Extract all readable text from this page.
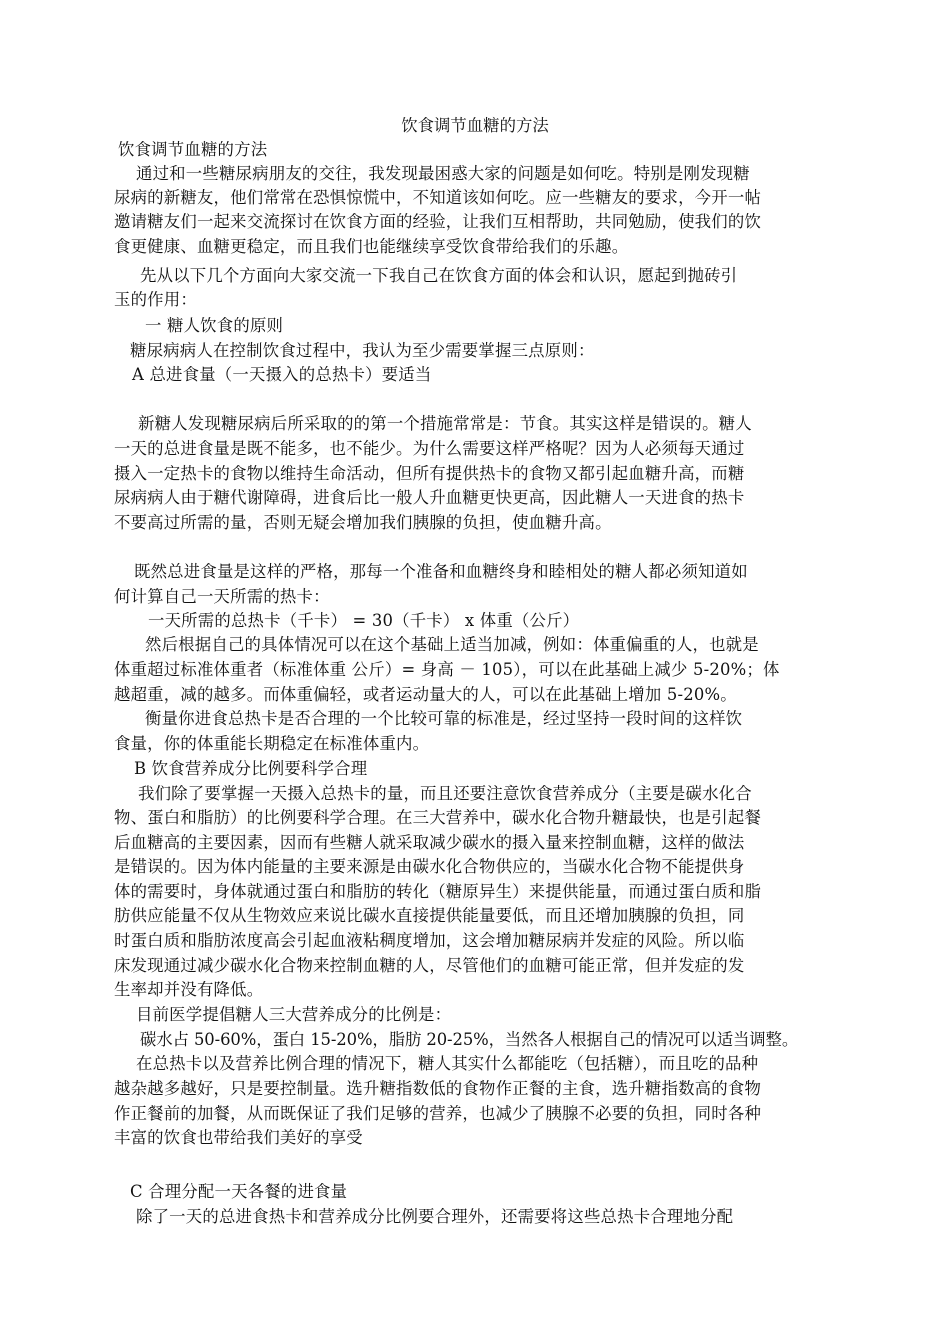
饮食调节血糖的方法
饮食调节血糖的方法
通过和一些糖尿病朋友的交往，我发现最困惑大家的问题是如何吃。特别是刚发现糖
尿病的新糖友，他们常常在恐惧惊慌中，不知道该如何吃。应一些糖友的要求，今开一帖
邀请糖友们一起来交流探讨在饮食方面的经验，让我们互相帮助，共同勉励，使我们的饮
食更健康、血糖更稳定，而且我们也能继续享受饮食带给我们的乐趣。
先从以下几个方面向大家交流一下我自己在饮食方面的体会和认识，愿起到抛砖引
玉的作用：
一 糖人饮食的原则
糖尿病病人在控制饮食过程中，我认为至少需要掌握三点原则：
A 总进食量（一天摄入的总热卡）要适当
新糖人发现糖尿病后所采取的的第一个措施常常是：节食。其实这样是错误的。糖人
一天的总进食量是既不能多，也不能少。为什么需要这样严格呢？因为人必须每天通过
摄入一定热卡的食物以维持生命活动，但所有提供热卡的食物又都引起血糖升高，而糖
尿病病人由于糖代谢障碍，进食后比一般人升血糖更快更高，因此糖人一天进食的热卡
不要高过所需的量，否则无疑会增加我们胰腺的负担，使血糖升高。
既然总进食量是这样的严格，那每一个准备和血糖终身和睦相处的糖人都必须知道如
何计算自己一天所需的热卡：
一天所需的总热卡（千卡） = 30（千卡） x 体重（公斤）
然后根据自己的具体情况可以在这个基础上适当加减，例如：体重偏重的人，也就是
体重超过标准体重者（标准体重 公斤）= 身高 － 105），可以在此基础上减少 5-20%；体
越超重，减的越多。而体重偏轻，或者运动量大的人，可以在此基础上增加 5-20%。
衡量你进食总热卡是否合理的一个比较可靠的标准是，经过坚持一段时间的这样饮
食量，你的体重能长期稳定在标准体重内。
B 饮食营养成分比例要科学合理
我们除了要掌握一天摄入总热卡的量，而且还要注意饮食营养成分（主要是碳水化合
物、蛋白和脂肪）的比例要科学合理。在三大营养中，碳水化合物升糖最快，也是引起餐
后血糖高的主要因素，因而有些糖人就采取减少碳水的摄入量来控制血糖，这样的做法
是错误的。因为体内能量的主要来源是由碳水化合物供应的，当碳水化合物不能提供身
体的需要时，身体就通过蛋白和脂肪的转化（糖原异生）来提供能量，而通过蛋白质和脂
肪供应能量不仅从生物效应来说比碳水直接提供能量要低，而且还增加胰腺的负担，同
时蛋白质和脂肪浓度高会引起血液粘稠度增加，这会增加糖尿病并发症的风险。所以临
床发现通过减少碳水化合物来控制血糖的人，尽管他们的血糖可能正常，但并发症的发
生率却并没有降低。
目前医学提倡糖人三大营养成分的比例是：
碳水占 50-60%，蛋白 15-20%，脂肪 20-25%，当然各人根据自己的情况可以适当调整。
在总热卡以及营养比例合理的情况下，糖人其实什么都能吃（包括糖），而且吃的品种
越杂越多越好，只是要控制量。选升糖指数低的食物作正餐的主食，选升糖指数高的食物
作正餐前的加餐，从而既保证了我们足够的营养，也减少了胰腺不必要的负担，同时各种
丰富的饮食也带给我们美好的享受
C 合理分配一天各餐的进食量
除了一天的总进食热卡和营养成分比例要合理外，还需要将这些总热卡合理地分配
